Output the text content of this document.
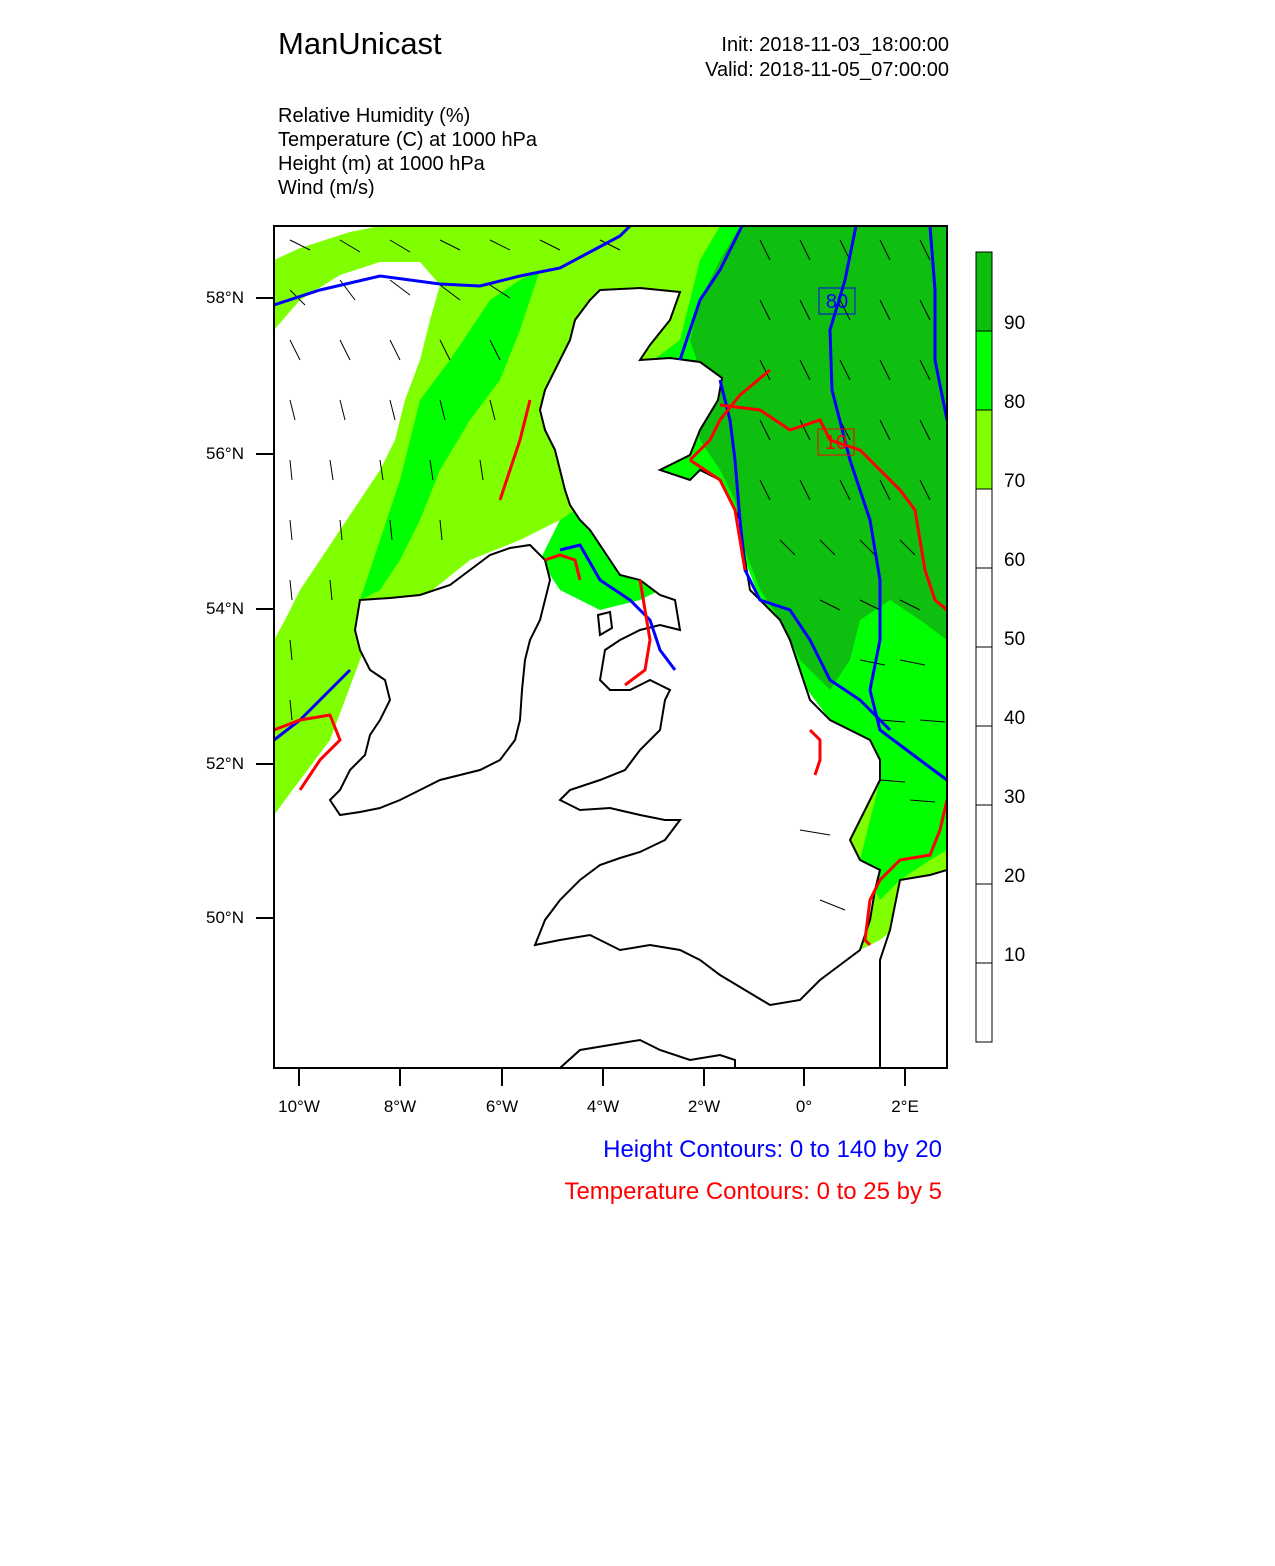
ManUnicast	Init: 2018-11-03_18:00:00
Valid: 2018-11-05_07:00:00
Relative Humidity (%)
Temperature (C) at 1000 hPa
Height (m) at 1000 hPa
Wind (m/s)
80
10
58°N
56°N
54°N
52°N
50°N
10°W	8°W	6°W	4°W	2°W	0°	2°E
90
80
70
60
50
40
30
20
10
Height Contours: 0 to 140 by 20
Temperature Contours: 0 to 25 by 5
